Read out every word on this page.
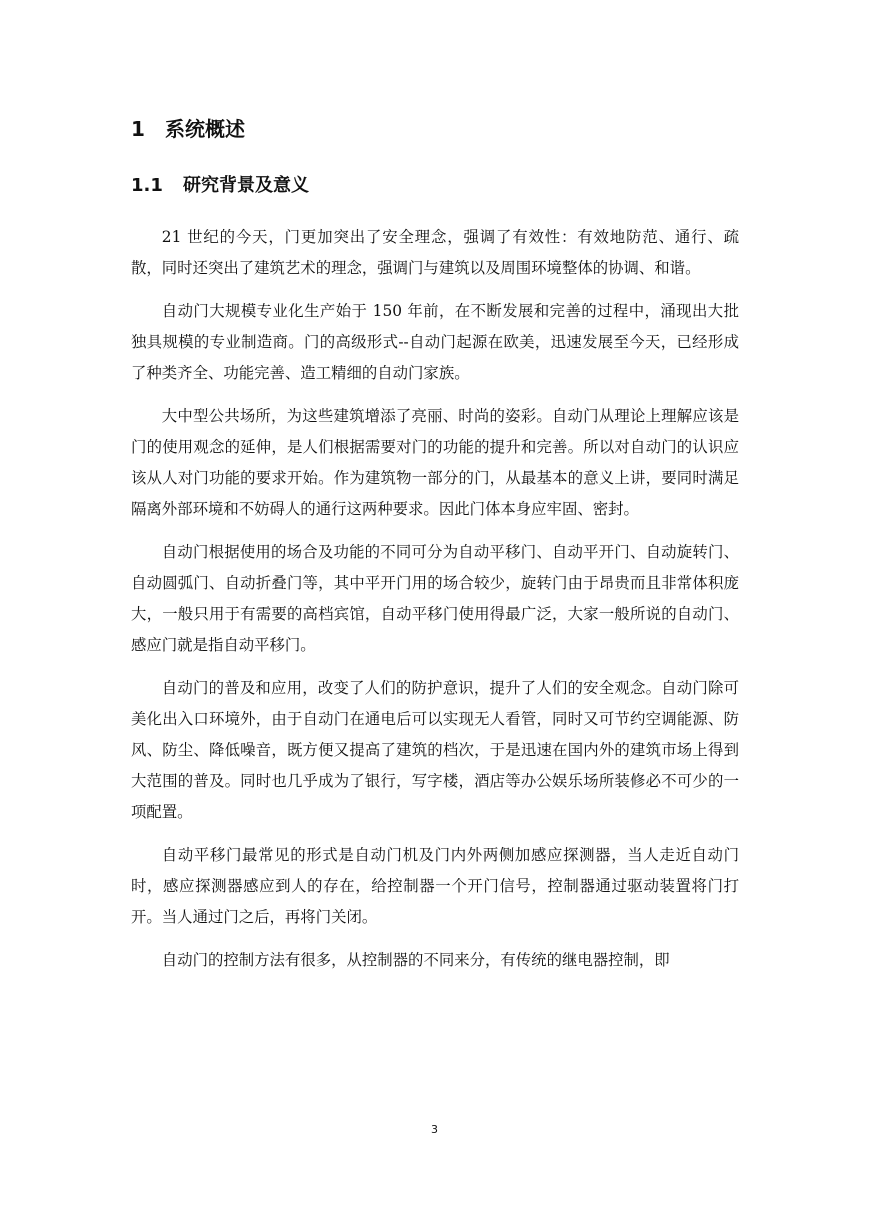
1 系统概述
1.1 研究背景及意义

21 世纪的今天，门更加突出了安全理念，强调了有效性：有效地防范、通行、疏散，同时还突出了建筑艺术的理念，强调门与建筑以及周围环境整体的协调、和谐。

自动门大规模专业化生产始于 150 年前，在不断发展和完善的过程中，涌现出大批独具规模的专业制造商。门的高级形式--自动门起源在欧美，迅速发展至今天，已经形成了种类齐全、功能完善、造工精细的自动门家族。

大中型公共场所，为这些建筑增添了亮丽、时尚的姿彩。自动门从理论上理解应该是门的使用观念的延伸，是人们根据需要对门的功能的提升和完善。所以对自动门的认识应该从人对门功能的要求开始。作为建筑物一部分的门，从最基本的意义上讲，要同时满足隔离外部环境和不妨碍人的通行这两种要求。因此门体本身应牢固、密封。

自动门根据使用的场合及功能的不同可分为自动平移门、自动平开门、自动旋转门、自动圆弧门、自动折叠门等，其中平开门用的场合较少，旋转门由于昂贵而且非常体积庞大，一般只用于有需要的高档宾馆，自动平移门使用得最广泛，大家一般所说的自动门、感应门就是指自动平移门。

自动门的普及和应用，改变了人们的防护意识，提升了人们的安全观念。自动门除可美化出入口环境外，由于自动门在通电后可以实现无人看管，同时又可节约空调能源、防风、防尘、降低噪音，既方便又提高了建筑的档次，于是迅速在国内外的建筑市场上得到大范围的普及。同时也几乎成为了银行，写字楼，酒店等办公娱乐场所装修必不可少的一项配置。

自动平移门最常见的形式是自动门机及门内外两侧加感应探测器，当人走近自动门时，感应探测器感应到人的存在，给控制器一个开门信号，控制器通过驱动装置将门打开。当人通过门之后，再将门关闭。

自动门的控制方法有很多，从控制器的不同来分，有传统的继电器控制，即

3
